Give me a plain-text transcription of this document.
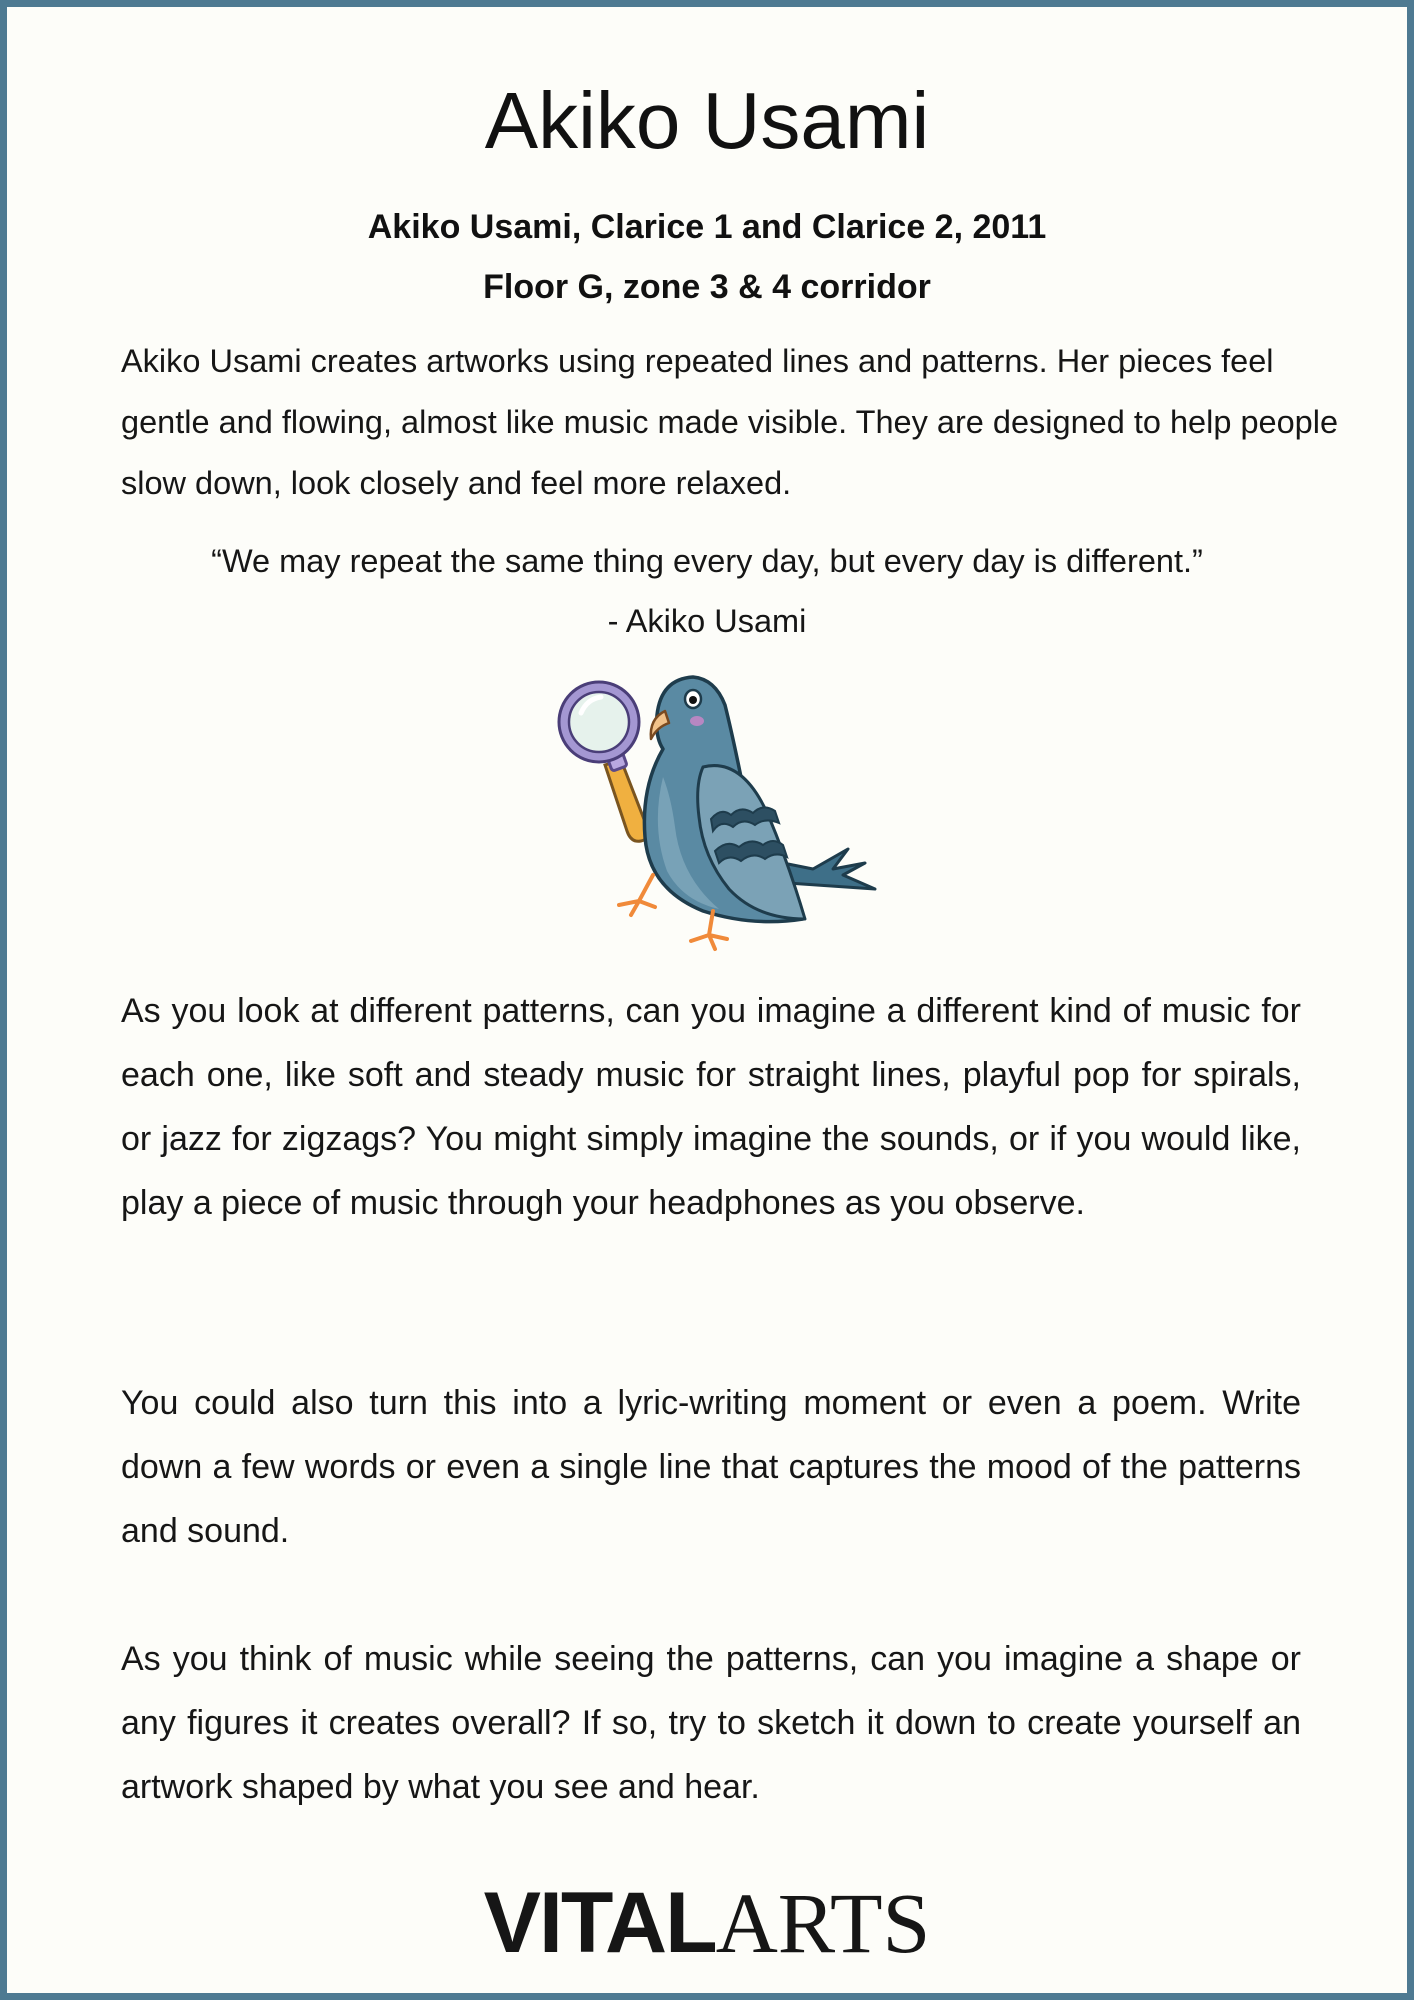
Akiko Usami
Akiko Usami, Clarice 1 and Clarice 2, 2011
Floor G, zone 3 & 4 corridor
Akiko Usami creates artworks using repeated lines and patterns. Her pieces feel gentle and flowing, almost like music made visible. They are designed to help people slow down, look closely and feel more relaxed.
“We may repeat the same thing every day, but every day is different.”
- Akiko Usami
As you look at different patterns, can you imagine a different kind of music for each one, like soft and steady music for straight lines, playful pop for spirals, or jazz for zigzags? You might simply imagine the sounds, or if you would like, play a piece of music through your headphones as you observe.
You could also turn this into a lyric-writing moment or even a poem. Write down a few words or even a single line that captures the mood of the patterns and sound.
As you think of music while seeing the patterns, can you imagine a shape or any figures it creates overall? If so, try to sketch it down to create yourself an artwork shaped by what you see and hear.
VITALARTS
